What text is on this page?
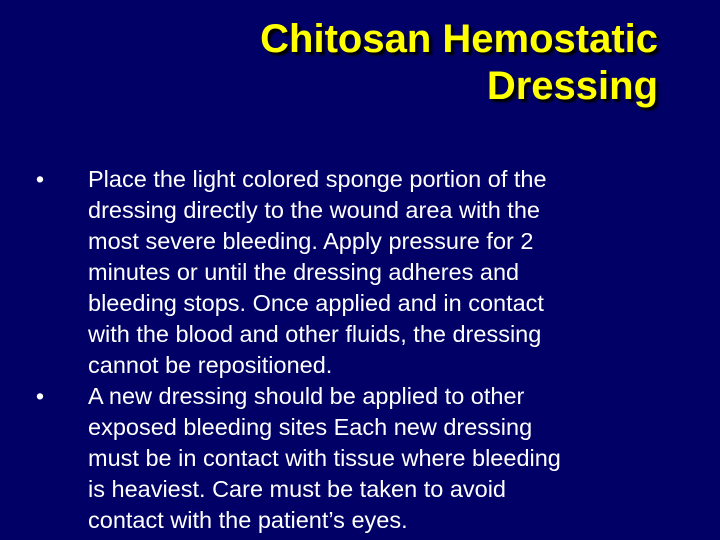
Chitosan Hemostatic
Dressing
• Place the light colored sponge portion of the
dressing directly to the wound area with the
most severe bleeding. Apply pressure for 2
minutes or until the dressing adheres and
bleeding stops. Once applied and in contact
with the blood and other fluids, the dressing
cannot be repositioned.
• A new dressing should be applied to other
exposed bleeding sites Each new dressing
must be in contact with tissue where bleeding
is heaviest. Care must be taken to avoid
contact with the patient’s eyes.
